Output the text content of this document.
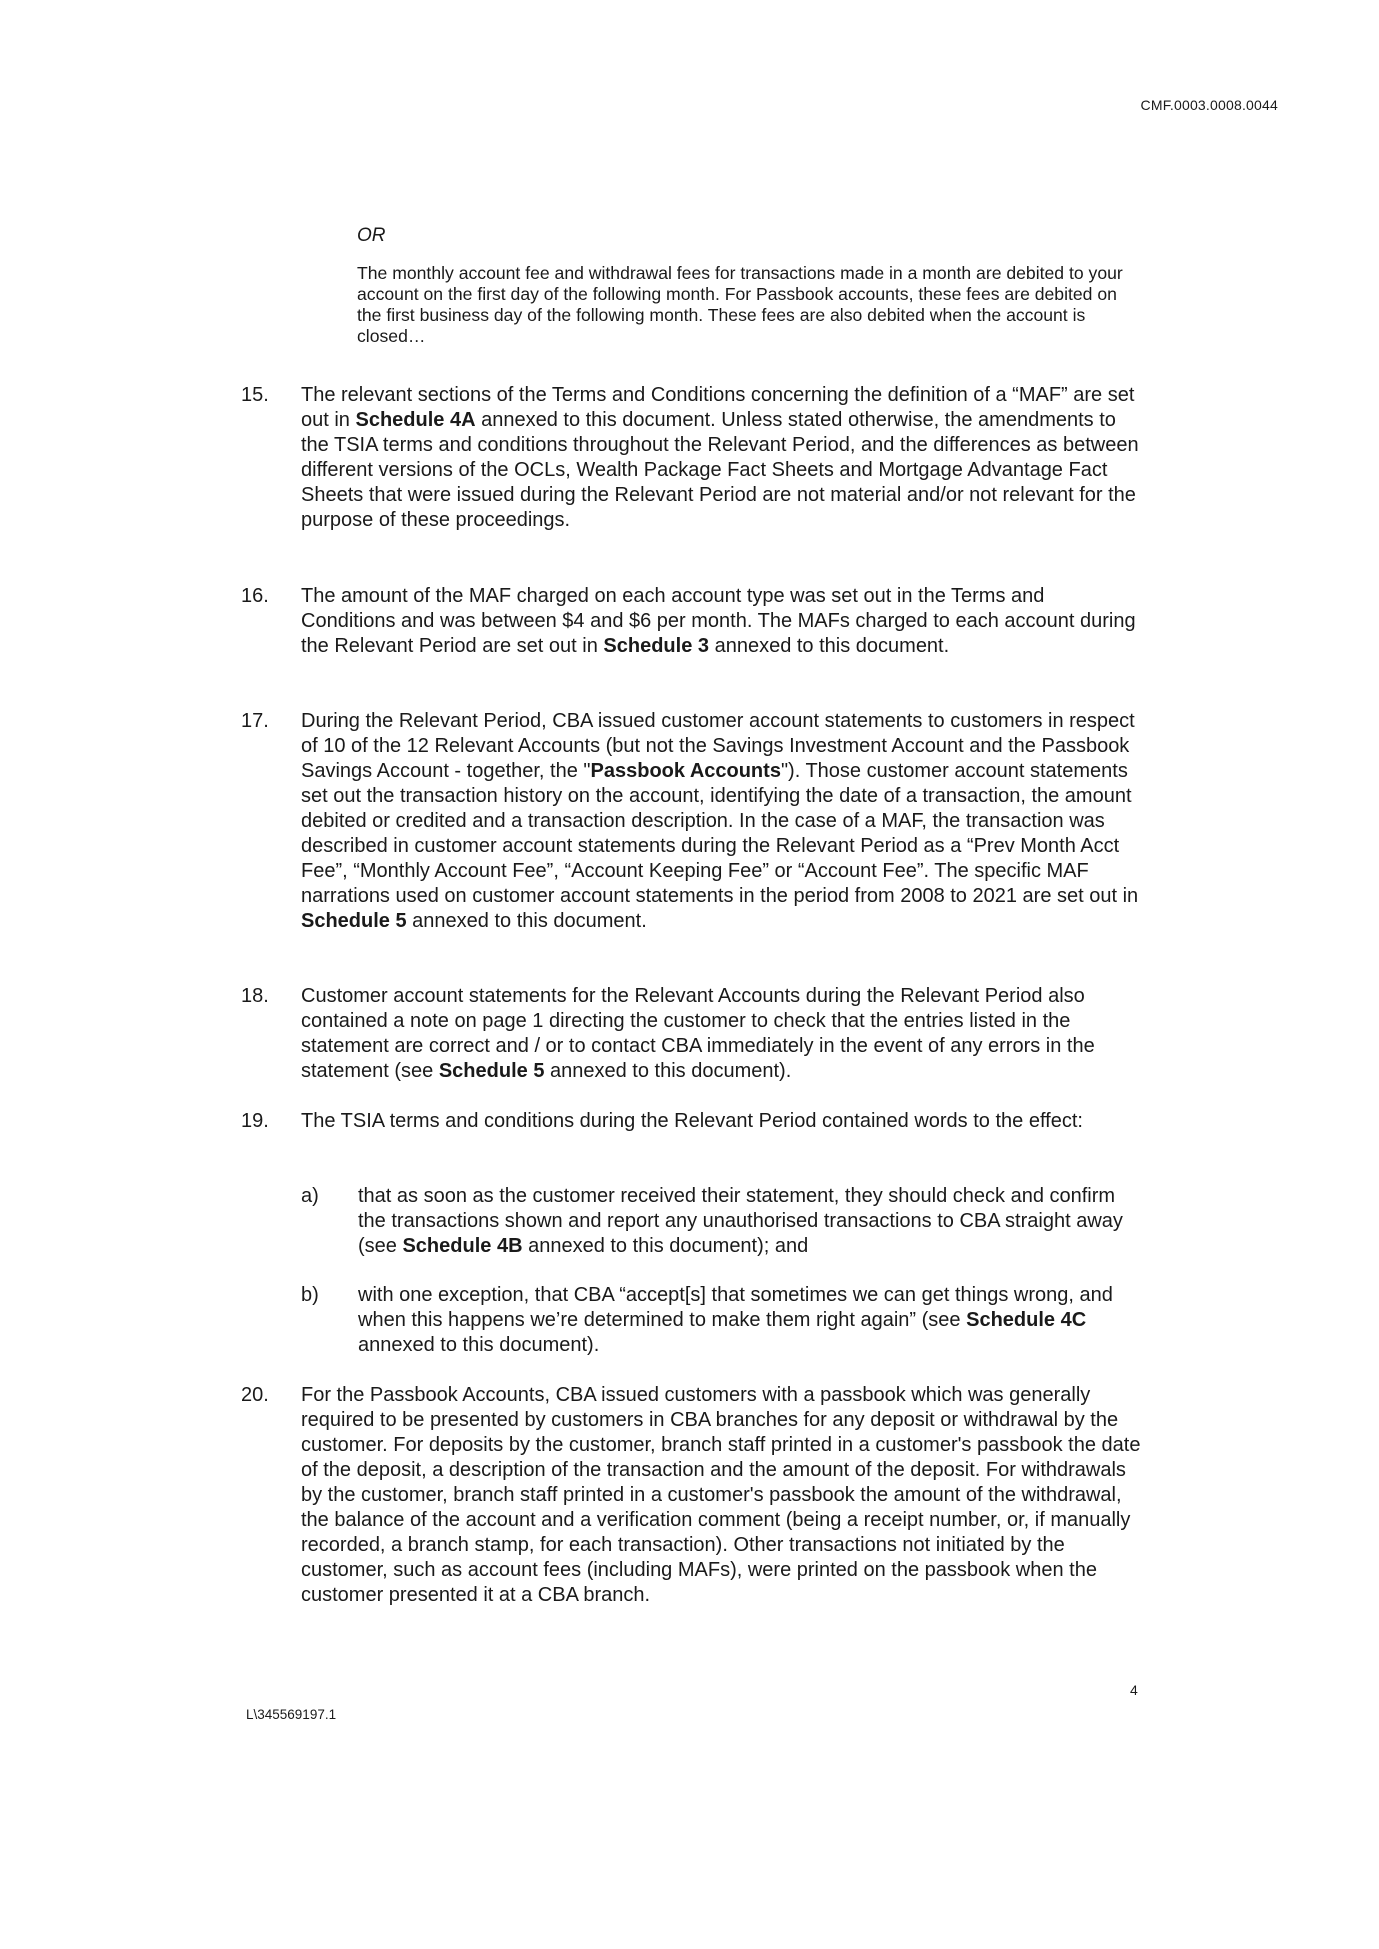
CMF.0003.0008.0044
OR
The monthly account fee and withdrawal fees for transactions made in a month are debited to your account on the first day of the following month. For Passbook accounts, these fees are debited on the first business day of the following month. These fees are also debited when the account is closed…
15.	The relevant sections of the Terms and Conditions concerning the definition of a “MAF” are set out in Schedule 4A annexed to this document. Unless stated otherwise, the amendments to the TSIA terms and conditions throughout the Relevant Period, and the differences as between different versions of the OCLs, Wealth Package Fact Sheets and Mortgage Advantage Fact Sheets that were issued during the Relevant Period are not material and/or not relevant for the purpose of these proceedings.
16.	The amount of the MAF charged on each account type was set out in the Terms and Conditions and was between $4 and $6 per month. The MAFs charged to each account during the Relevant Period are set out in Schedule 3 annexed to this document.
17.	During the Relevant Period, CBA issued customer account statements to customers in respect of 10 of the 12 Relevant Accounts (but not the Savings Investment Account and the Passbook Savings Account - together, the "Passbook Accounts"). Those customer account statements set out the transaction history on the account, identifying the date of a transaction, the amount debited or credited and a transaction description. In the case of a MAF, the transaction was described in customer account statements during the Relevant Period as a “Prev Month Acct Fee”, “Monthly Account Fee”, “Account Keeping Fee” or “Account Fee”. The specific MAF narrations used on customer account statements in the period from 2008 to 2021 are set out in Schedule 5 annexed to this document.
18.	Customer account statements for the Relevant Accounts during the Relevant Period also contained a note on page 1 directing the customer to check that the entries listed in the statement are correct and / or to contact CBA immediately in the event of any errors in the statement (see Schedule 5 annexed to this document).
19.	The TSIA terms and conditions during the Relevant Period contained words to the effect:
a)	that as soon as the customer received their statement, they should check and confirm the transactions shown and report any unauthorised transactions to CBA straight away (see Schedule 4B annexed to this document); and
b)	with one exception, that CBA “accept[s] that sometimes we can get things wrong, and when this happens we’re determined to make them right again” (see Schedule 4C annexed to this document).
20.	For the Passbook Accounts, CBA issued customers with a passbook which was generally required to be presented by customers in CBA branches for any deposit or withdrawal by the customer. For deposits by the customer, branch staff printed in a customer's passbook the date of the deposit, a description of the transaction and the amount of the deposit. For withdrawals by the customer, branch staff printed in a customer's passbook the amount of the withdrawal, the balance of the account and a verification comment (being a receipt number, or, if manually recorded, a branch stamp, for each transaction). Other transactions not initiated by the customer, such as account fees (including MAFs), were printed on the passbook when the customer presented it at a CBA branch.
4
L\345569197.1
